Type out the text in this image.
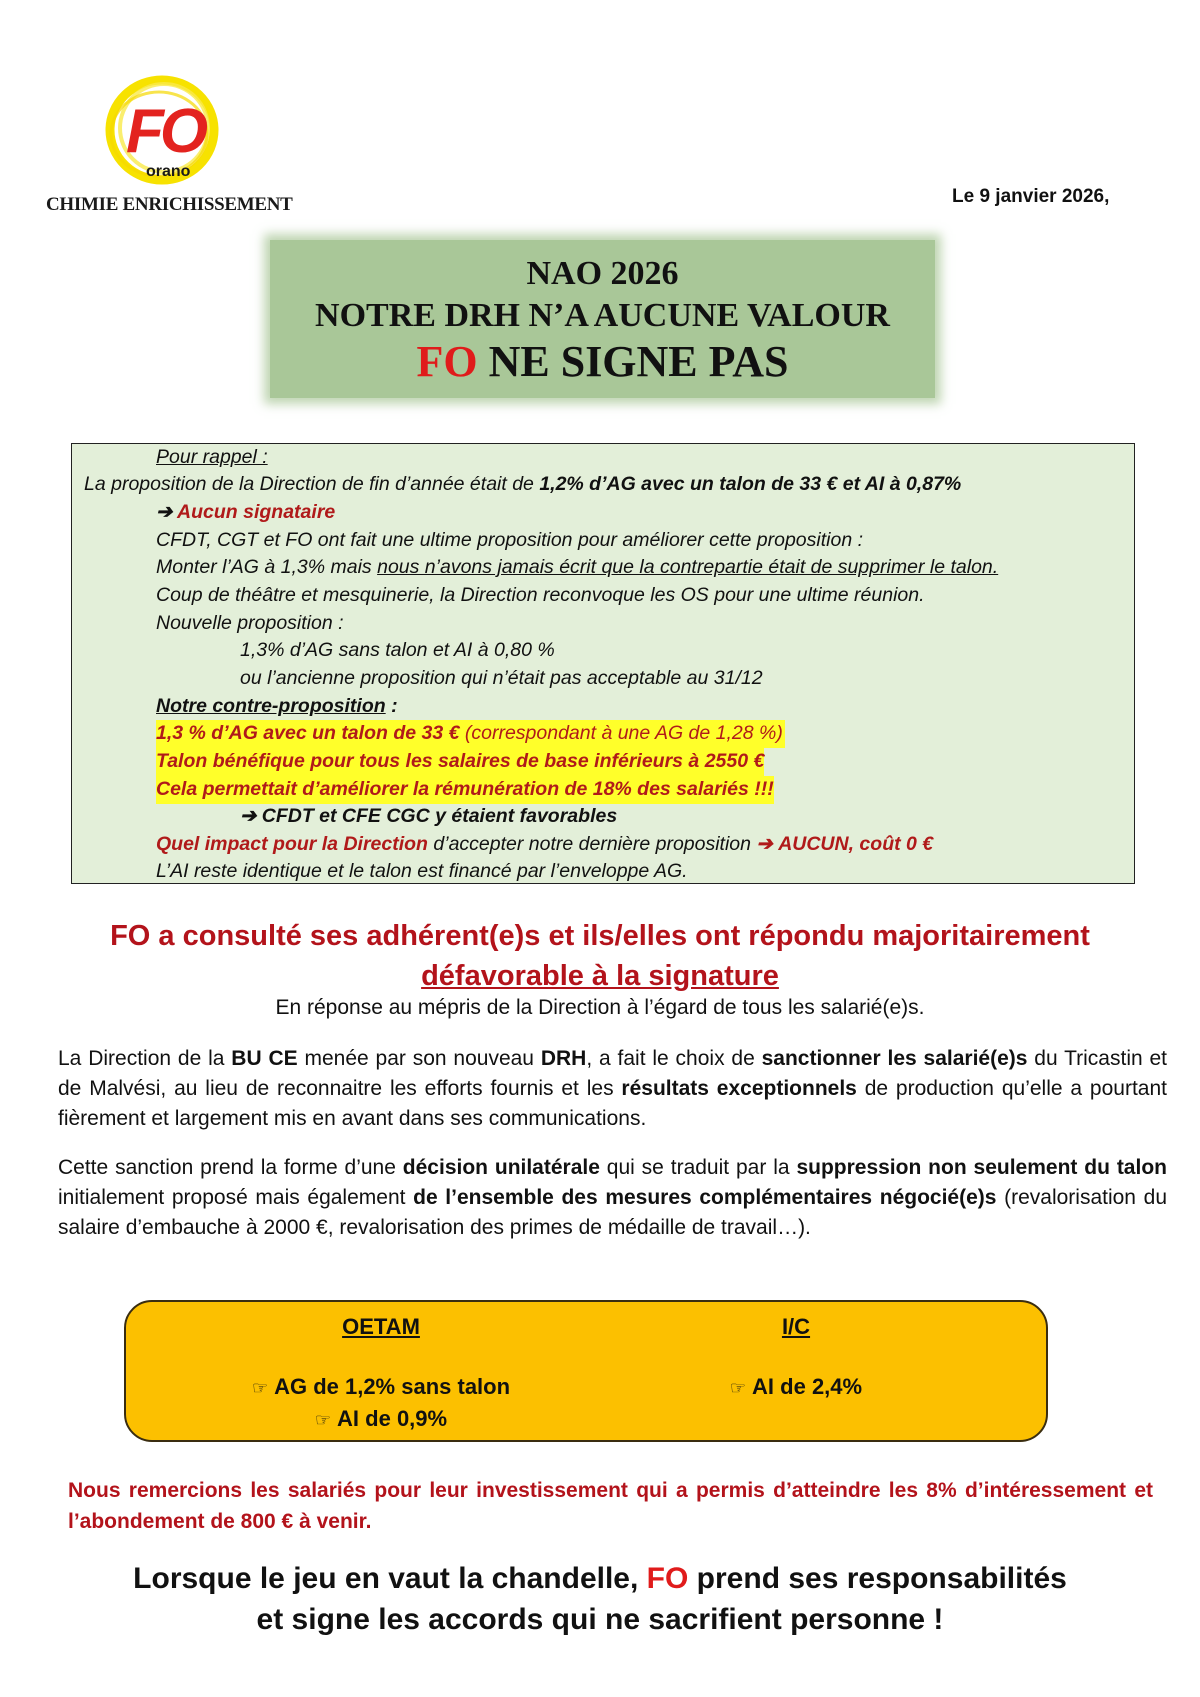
FO
orano
CHIMIE ENRICHISSEMENT	Le 9 janvier 2026,
NAO 2026
NOTRE DRH N’A AUCUNE VALOUR
FO NE SIGNE PAS
Pour rappel :
La proposition de la Direction de fin d’année était de 1,2% d’AG avec un talon de 33 € et AI à 0,87%
➔ Aucun signataire
CFDT, CGT et FO ont fait une ultime proposition pour améliorer cette proposition :
Monter l’AG à 1,3% mais nous n’avons jamais écrit que la contrepartie était de supprimer le talon.
Coup de théâtre et mesquinerie, la Direction reconvoque les OS pour une ultime réunion.
Nouvelle proposition :
1,3% d’AG sans talon et AI à 0,80 %
ou l’ancienne proposition qui n’était pas acceptable au 31/12
Notre contre-proposition :
1,3 % d’AG avec un talon de 33 € (correspondant à une AG de 1,28 %)
Talon bénéfique pour tous les salaires de base inférieurs à 2550 €
Cela permettait d’améliorer la rémunération de 18% des salariés !!!
➔ CFDT et CFE CGC y étaient favorables
Quel impact pour la Direction d’accepter notre dernière proposition ➔ AUCUN, coût 0 €
L’AI reste identique et le talon est financé par l’enveloppe AG.
FO a consulté ses adhérent(e)s et ils/elles ont répondu majoritairement
défavorable à la signature
En réponse au mépris de la Direction à l’égard de tous les salarié(e)s.
La Direction de la BU CE menée par son nouveau DRH, a fait le choix de sanctionner les salarié(e)s du Tricastin et de Malvési, au lieu de reconnaitre les efforts fournis et les résultats exceptionnels de production qu’elle a pourtant fièrement et largement mis en avant dans ses communications.
Cette sanction prend la forme d’une décision unilatérale qui se traduit par la suppression non seulement du talon initialement proposé mais également de l’ensemble des mesures complémentaires négocié(e)s (revalorisation du salaire d’embauche à 2000 €, revalorisation des primes de médaille de travail…).
OETAM
☞ AG de 1,2% sans talon
☞ AI de 0,9%
I/C
☞ AI de 2,4%
Nous remercions les salariés pour leur investissement qui a permis d’atteindre les 8% d’intéressement et l’abondement de 800 € à venir.
Lorsque le jeu en vaut la chandelle, FO prend ses responsabilités
et signe les accords qui ne sacrifient personne !
